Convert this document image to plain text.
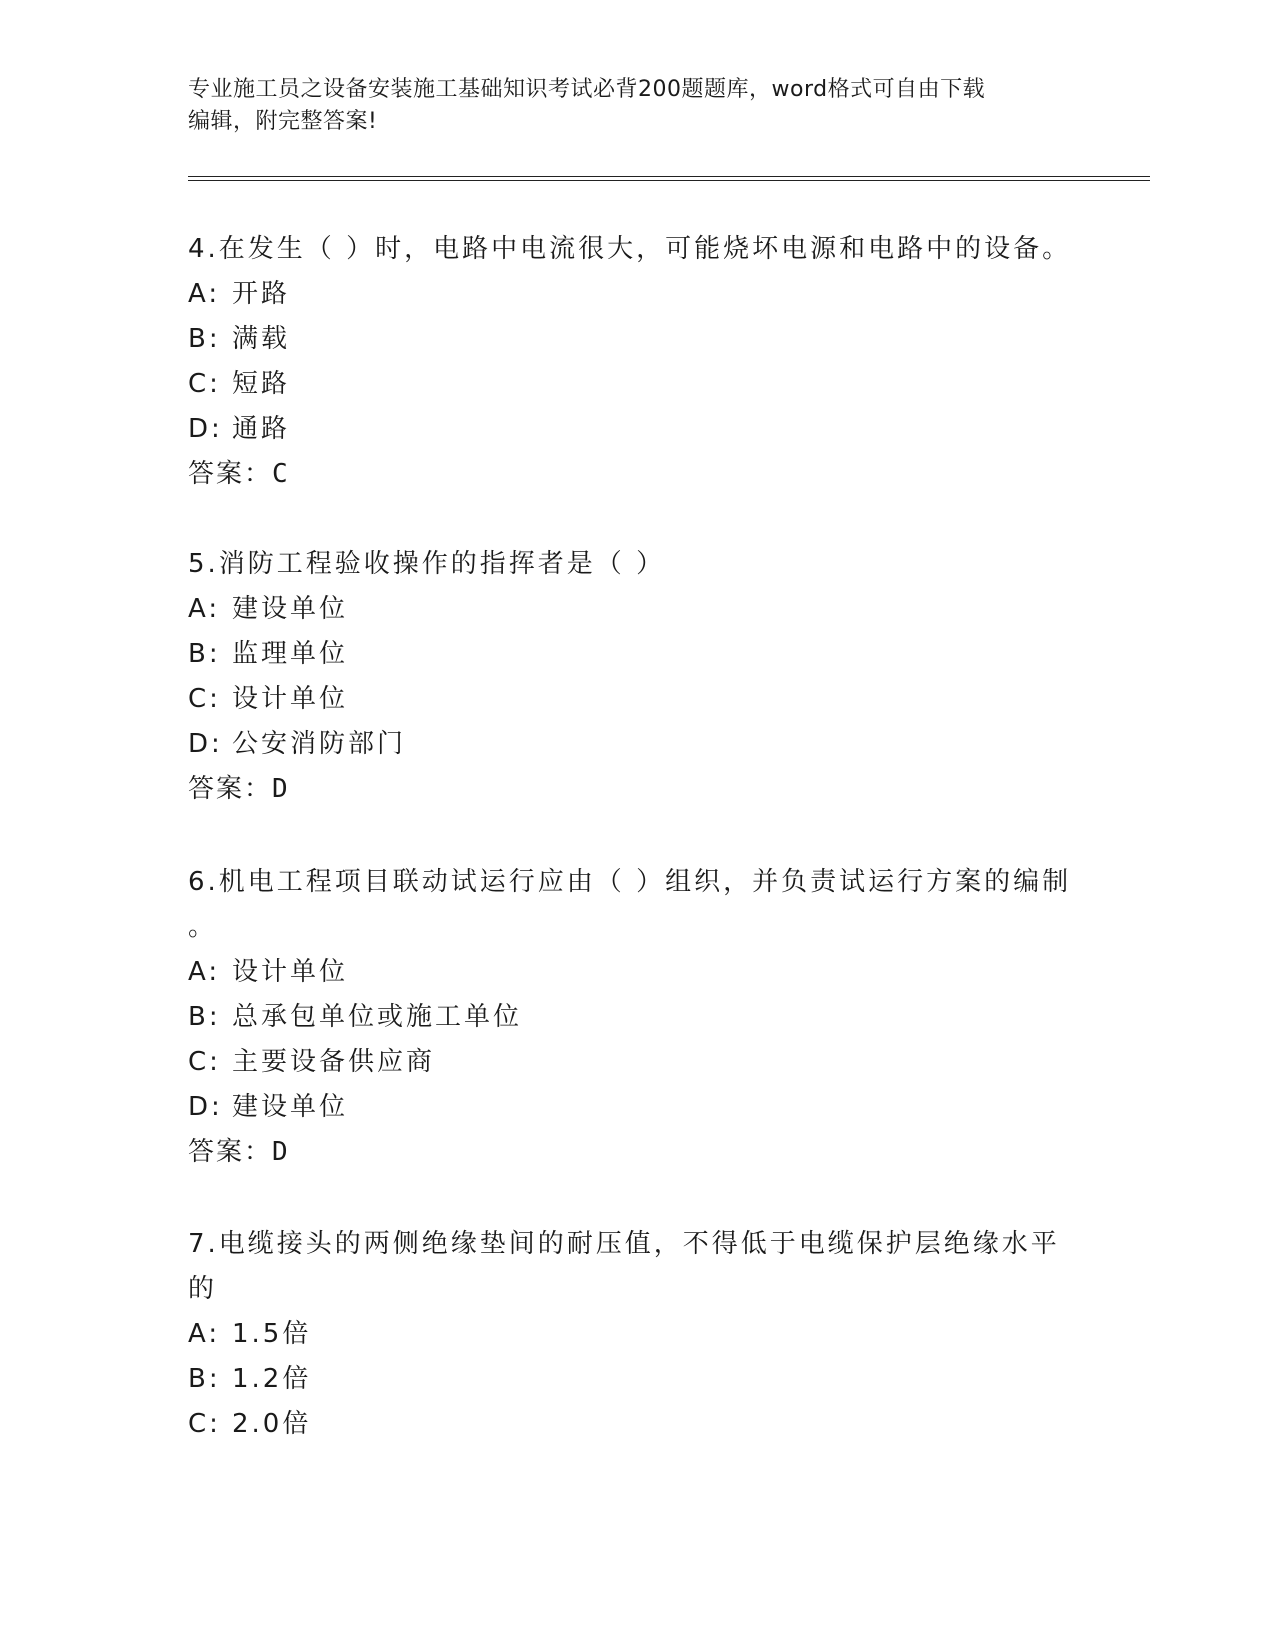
专业施工员之设备安装施工基础知识考试必背200题题库，word格式可自由下载
编辑，附完整答案!

4.在发生（ ）时，电路中电流很大，可能烧坏电源和电路中的设备。

A: 开路

B: 满载

C: 短路

D: 通路

答案：C

5.消防工程验收操作的指挥者是（ ）

A: 建设单位

B: 监理单位

C: 设计单位

D: 公安消防部门

答案：D

6.机电工程项目联动试运行应由（ ）组织，并负责试运行方案的编制

。

A: 设计单位

B: 总承包单位或施工单位

C: 主要设备供应商

D: 建设单位

答案：D

7.电缆接头的两侧绝缘垫间的耐压值，不得低于电缆保护层绝缘水平

的

A: 1.5倍

B: 1.2倍

C: 2.0倍
